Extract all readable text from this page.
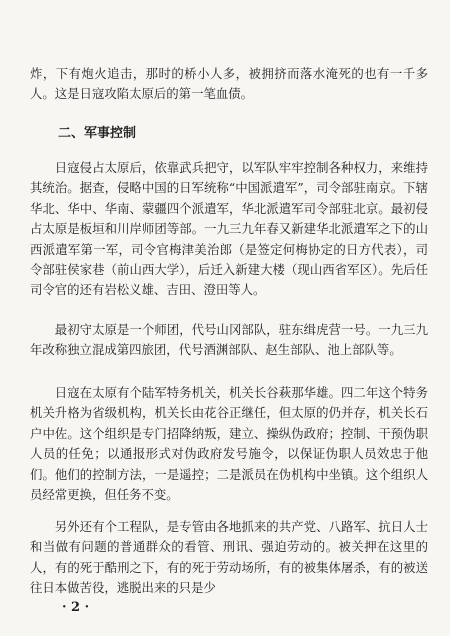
炸，下有炮火追击，那时的桥小人多，被拥挤而落水淹死的也有一千多人。这是日寇攻陷太原后的第一笔血债。

二、军事控制

日寇侵占太原后，依靠武兵把守，以军队牢牢控制各种权力，来维持其统治。据查，侵略中国的日军统称“中国派遣军”，司令部驻南京。下辖华北、华中、华南、蒙疆四个派遣军，华北派遣军司令部驻北京。最初侵占太原是板垣和川岸师团等部。一九三九年春又新建华北派遣军之下的山西派遣军第一军，司令官梅津美治郎（是签定何梅协定的日方代表），司令部驻侯家巷（前山西大学），后迁入新建大楼（现山西省军区）。先后任司令官的还有岩松义雄、吉田、澄田等人。

最初守太原是一个师团，代号山冈部队，驻东缉虎营一号。一九三九年改称独立混成第四旅团，代号酒渊部队、赵生部队、池上部队等。

日寇在太原有个陆军特务机关，机关长谷萩那华雄。四二年这个特务机关升格为省级机构，机关长由花谷正继任，但太原的仍并存，机关长石户中佐。这个组织是专门招降纳叛，建立、操纵伪政府；控制、干预伪职人员的任免；以通报形式对伪政府发号施令，以保证伪职人员效忠于他们。他们的控制方法，一是遥控；二是派员在伪机构中坐镇。这个组织人员经常更换，但任务不变。

另外还有个工程队，是专管由各地抓来的共产党、八路军、抗日人士和当做有问题的普通群众的看管、刑讯、强迫劳动的。被关押在这里的人，有的死于酷刑之下，有的死于劳动场所，有的被集体屠杀，有的被送往日本做苦役，逃脱出来的只是少

· 2 ·
